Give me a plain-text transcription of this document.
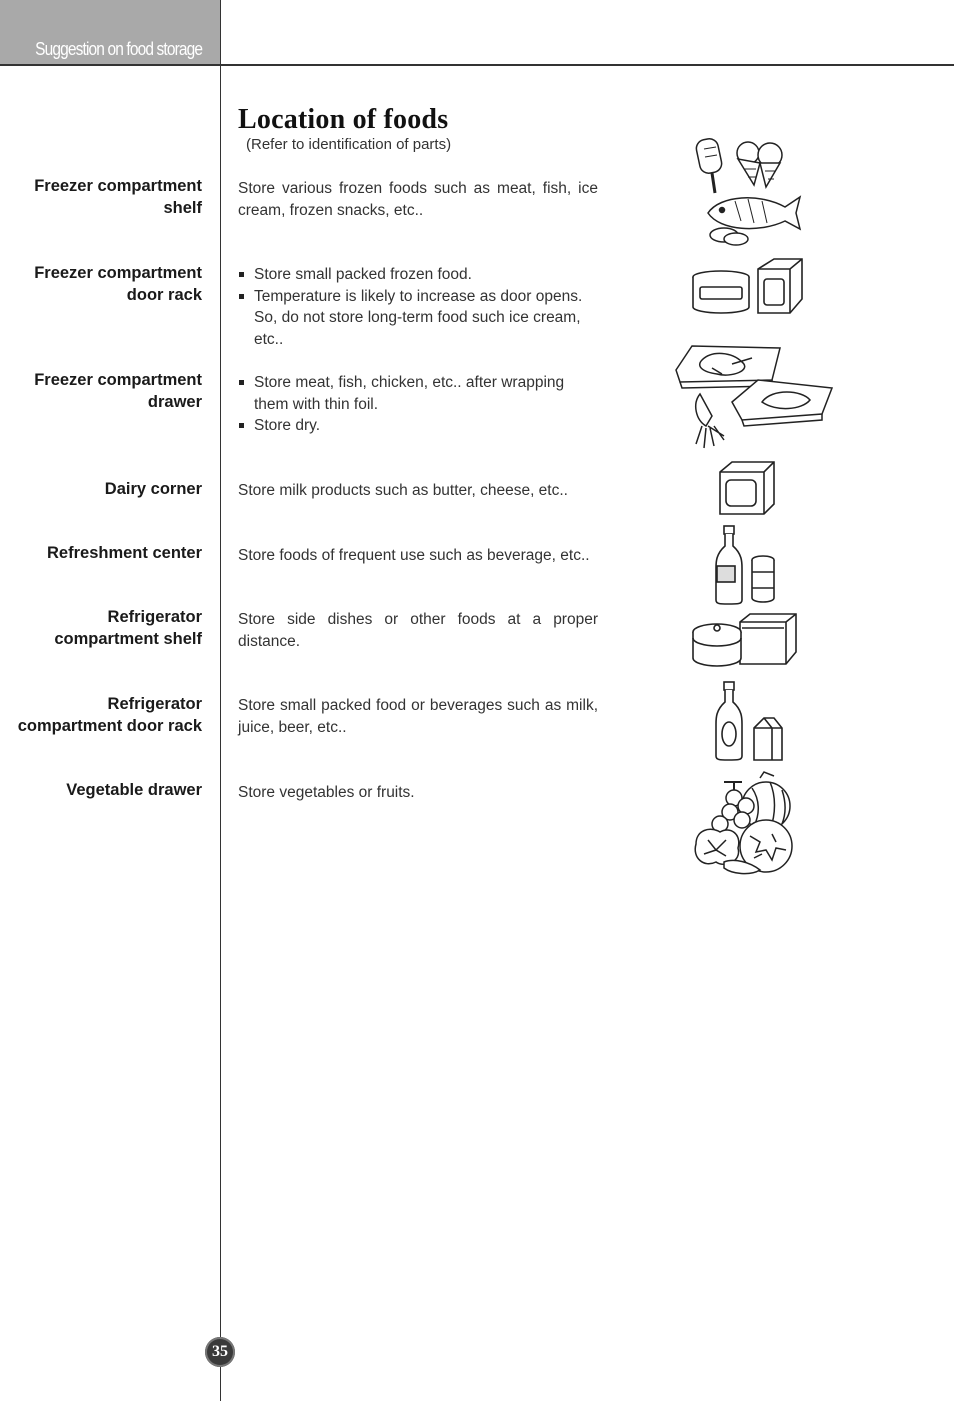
Suggestion on food storage
Location of foods
(Refer to identification of parts)
Freezer compartment shelf
Store various frozen foods such as meat, fish, ice cream, frozen snacks, etc..
Freezer compartment door rack
Store small packed frozen food.
Temperature is likely to increase as door opens. So, do not store long-term food such ice cream, etc..
Freezer compartment drawer
Store meat, fish, chicken, etc.. after wrapping them with thin foil.
Store dry.
Dairy corner Store milk products such as butter, cheese, etc..
Refreshment center Store foods of frequent use such as beverage, etc..
Refrigerator compartment shelf
Store side dishes or other foods at a proper distance.
Refrigerator compartment door rack
Store small packed food or beverages such as milk, juice, beer, etc..
Vegetable drawer Store vegetables or fruits.
35
